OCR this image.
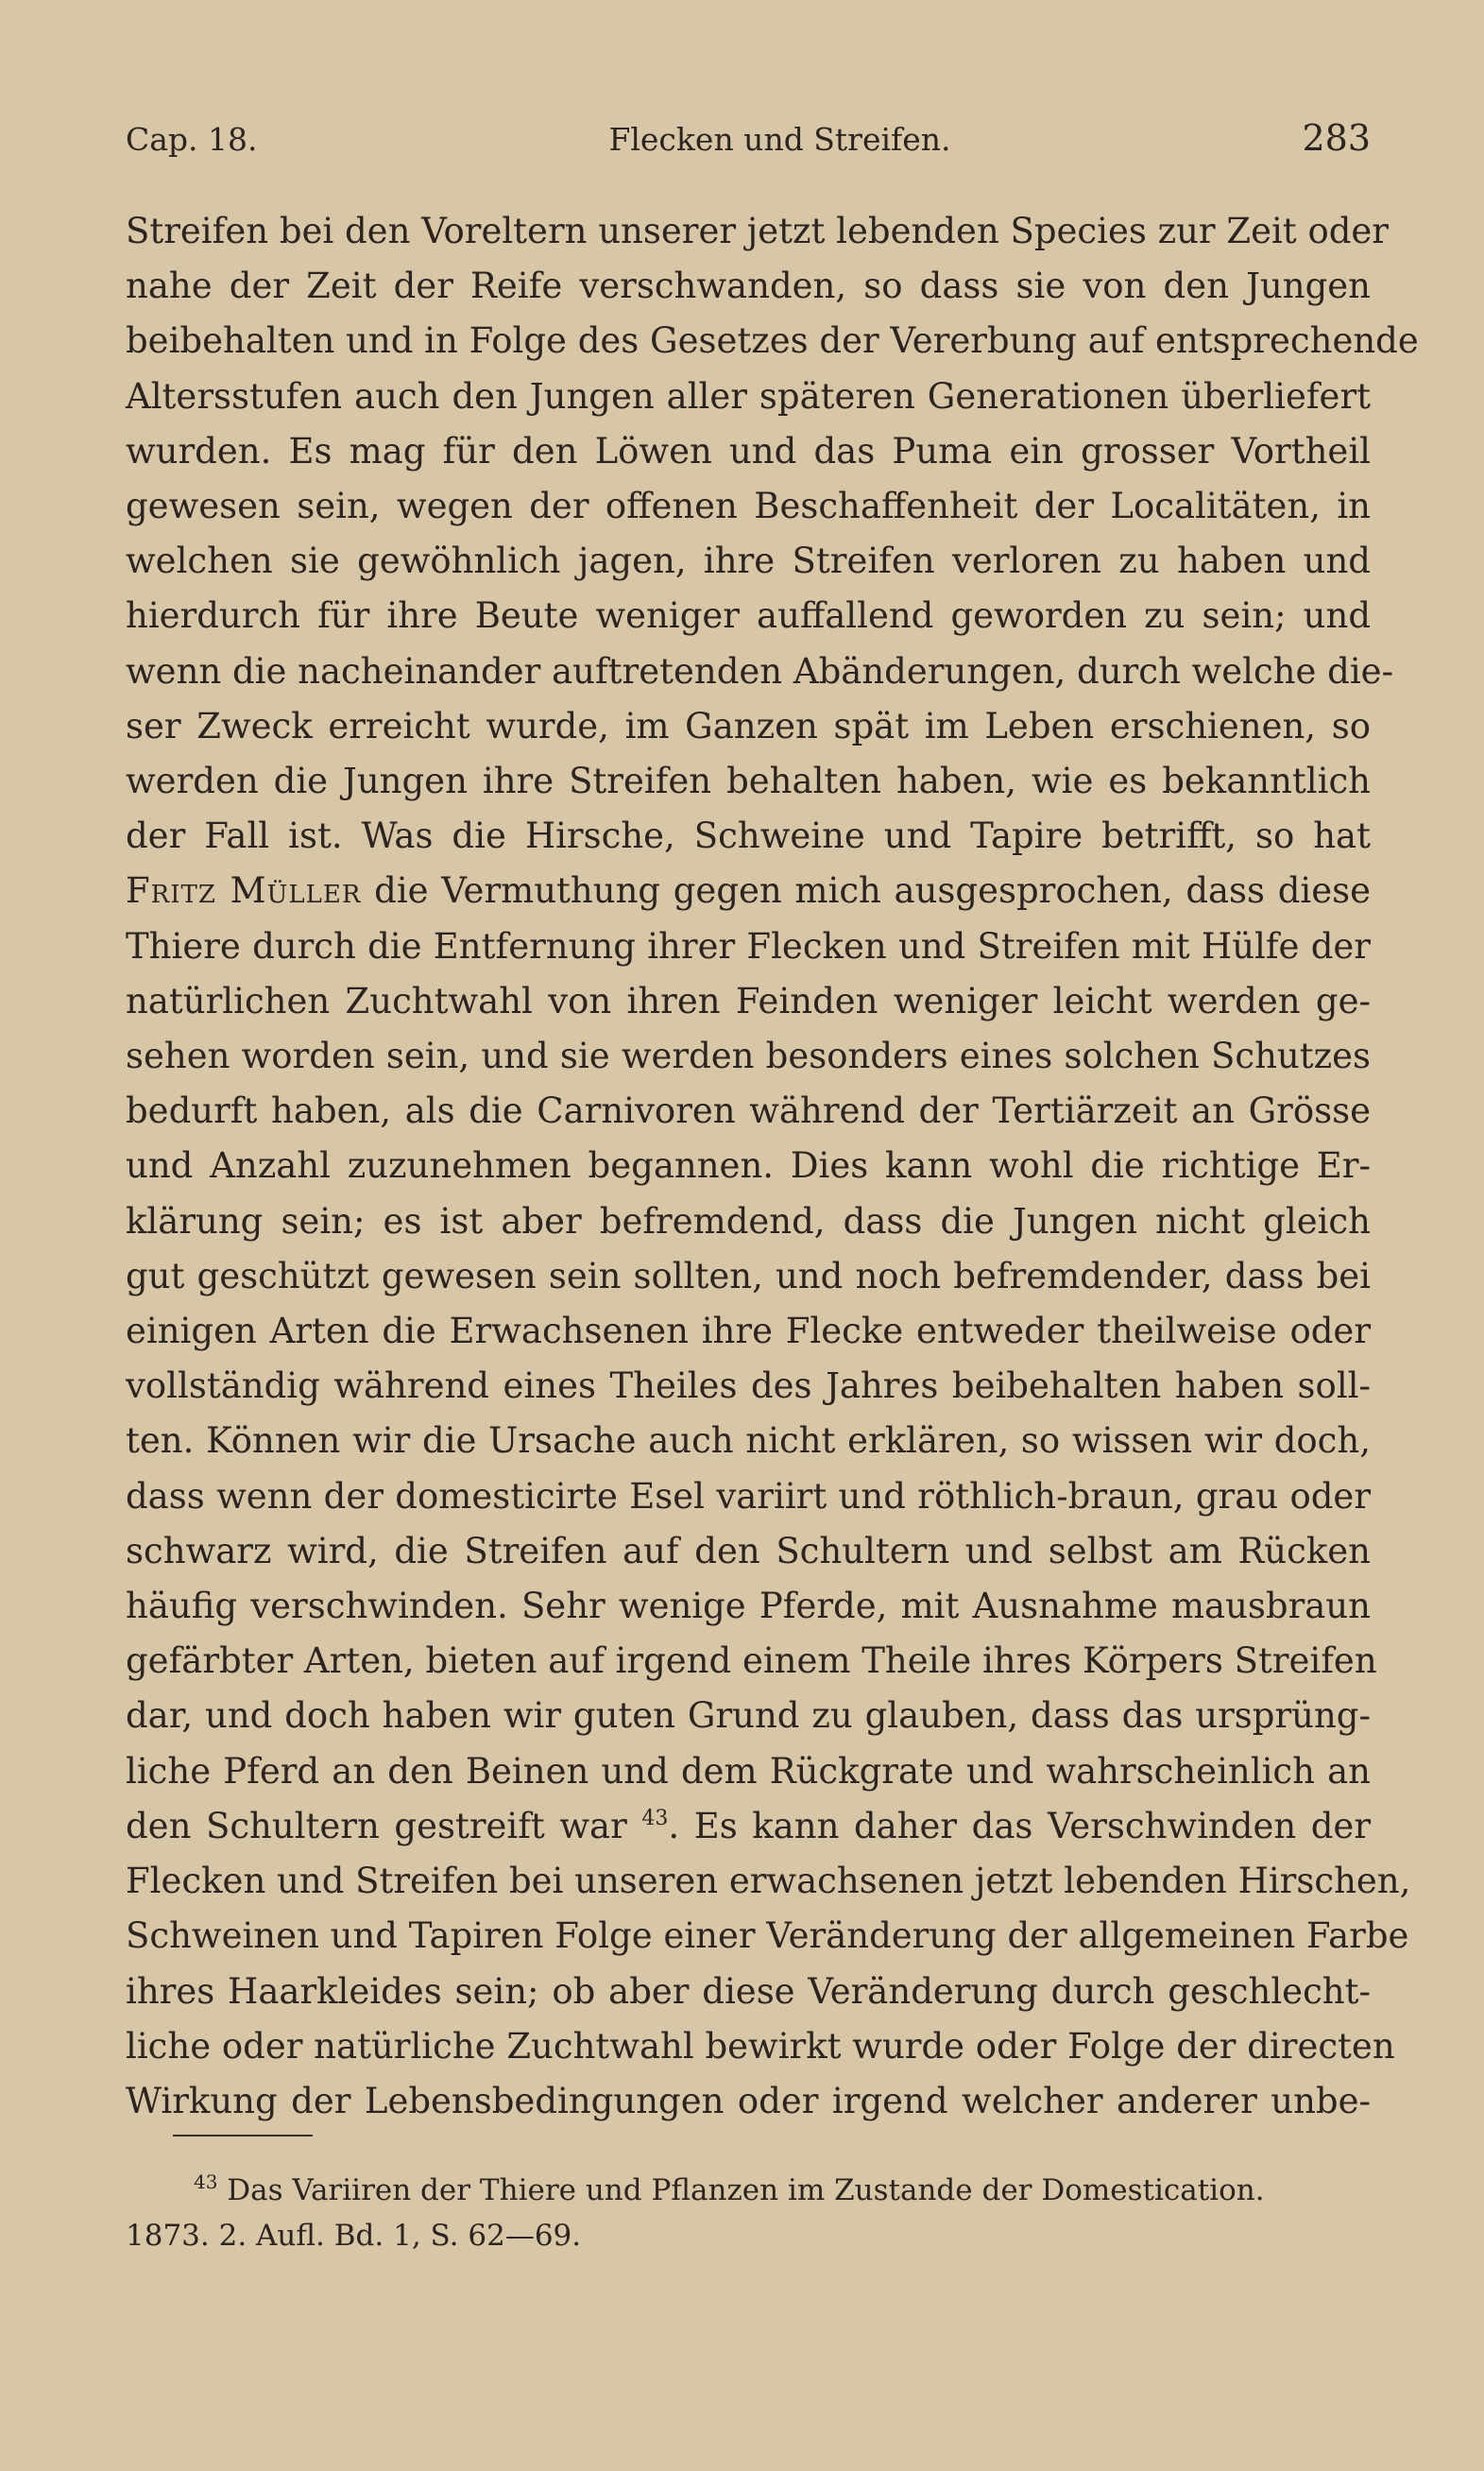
Cap. 18.	Flecken und Streifen.	283
Streifen bei den Voreltern unserer jetzt lebenden Species zur Zeit oder
nahe der Zeit der Reife verschwanden, so dass sie von den Jungen
beibehalten und in Folge des Gesetzes der Vererbung auf entsprechende
Altersstufen auch den Jungen aller späteren Generationen überliefert
wurden. Es mag für den Löwen und das Puma ein grosser Vortheil
gewesen sein, wegen der offenen Beschaffenheit der Localitäten, in
welchen sie gewöhnlich jagen, ihre Streifen verloren zu haben und
hierdurch für ihre Beute weniger auffallend geworden zu sein; und
wenn die nacheinander auftretenden Abänderungen, durch welche die-
ser Zweck erreicht wurde, im Ganzen spät im Leben erschienen, so
werden die Jungen ihre Streifen behalten haben, wie es bekanntlich
der Fall ist. Was die Hirsche, Schweine und Tapire betrifft, so hat
Fritz Müller die Vermuthung gegen mich ausgesprochen, dass diese
Thiere durch die Entfernung ihrer Flecken und Streifen mit Hülfe der
natürlichen Zuchtwahl von ihren Feinden weniger leicht werden ge-
sehen worden sein, und sie werden besonders eines solchen Schutzes
bedurft haben, als die Carnivoren während der Tertiärzeit an Grösse
und Anzahl zuzunehmen begannen. Dies kann wohl die richtige Er-
klärung sein; es ist aber befremdend, dass die Jungen nicht gleich
gut geschützt gewesen sein sollten, und noch befremdender, dass bei
einigen Arten die Erwachsenen ihre Flecke entweder theilweise oder
vollständig während eines Theiles des Jahres beibehalten haben soll-
ten. Können wir die Ursache auch nicht erklären, so wissen wir doch,
dass wenn der domesticirte Esel variirt und röthlich-braun, grau oder
schwarz wird, die Streifen auf den Schultern und selbst am Rücken
häufig verschwinden. Sehr wenige Pferde, mit Ausnahme mausbraun
gefärbter Arten, bieten auf irgend einem Theile ihres Körpers Streifen
dar, und doch haben wir guten Grund zu glauben, dass das ursprüng-
liche Pferd an den Beinen und dem Rückgrate und wahrscheinlich an
den Schultern gestreift war $^{43}$. Es kann daher das Verschwinden der
Flecken und Streifen bei unseren erwachsenen jetzt lebenden Hirschen,
Schweinen und Tapiren Folge einer Veränderung der allgemeinen Farbe
ihres Haarkleides sein; ob aber diese Veränderung durch geschlecht-
liche oder natürliche Zuchtwahl bewirkt wurde oder Folge der directen
Wirkung der Lebensbedingungen oder irgend welcher anderer unbe-
$^{43}$ Das Variiren der Thiere und Pflanzen im Zustande der Domestication.
1873. 2. Aufl. Bd. 1, S. 62—69.
